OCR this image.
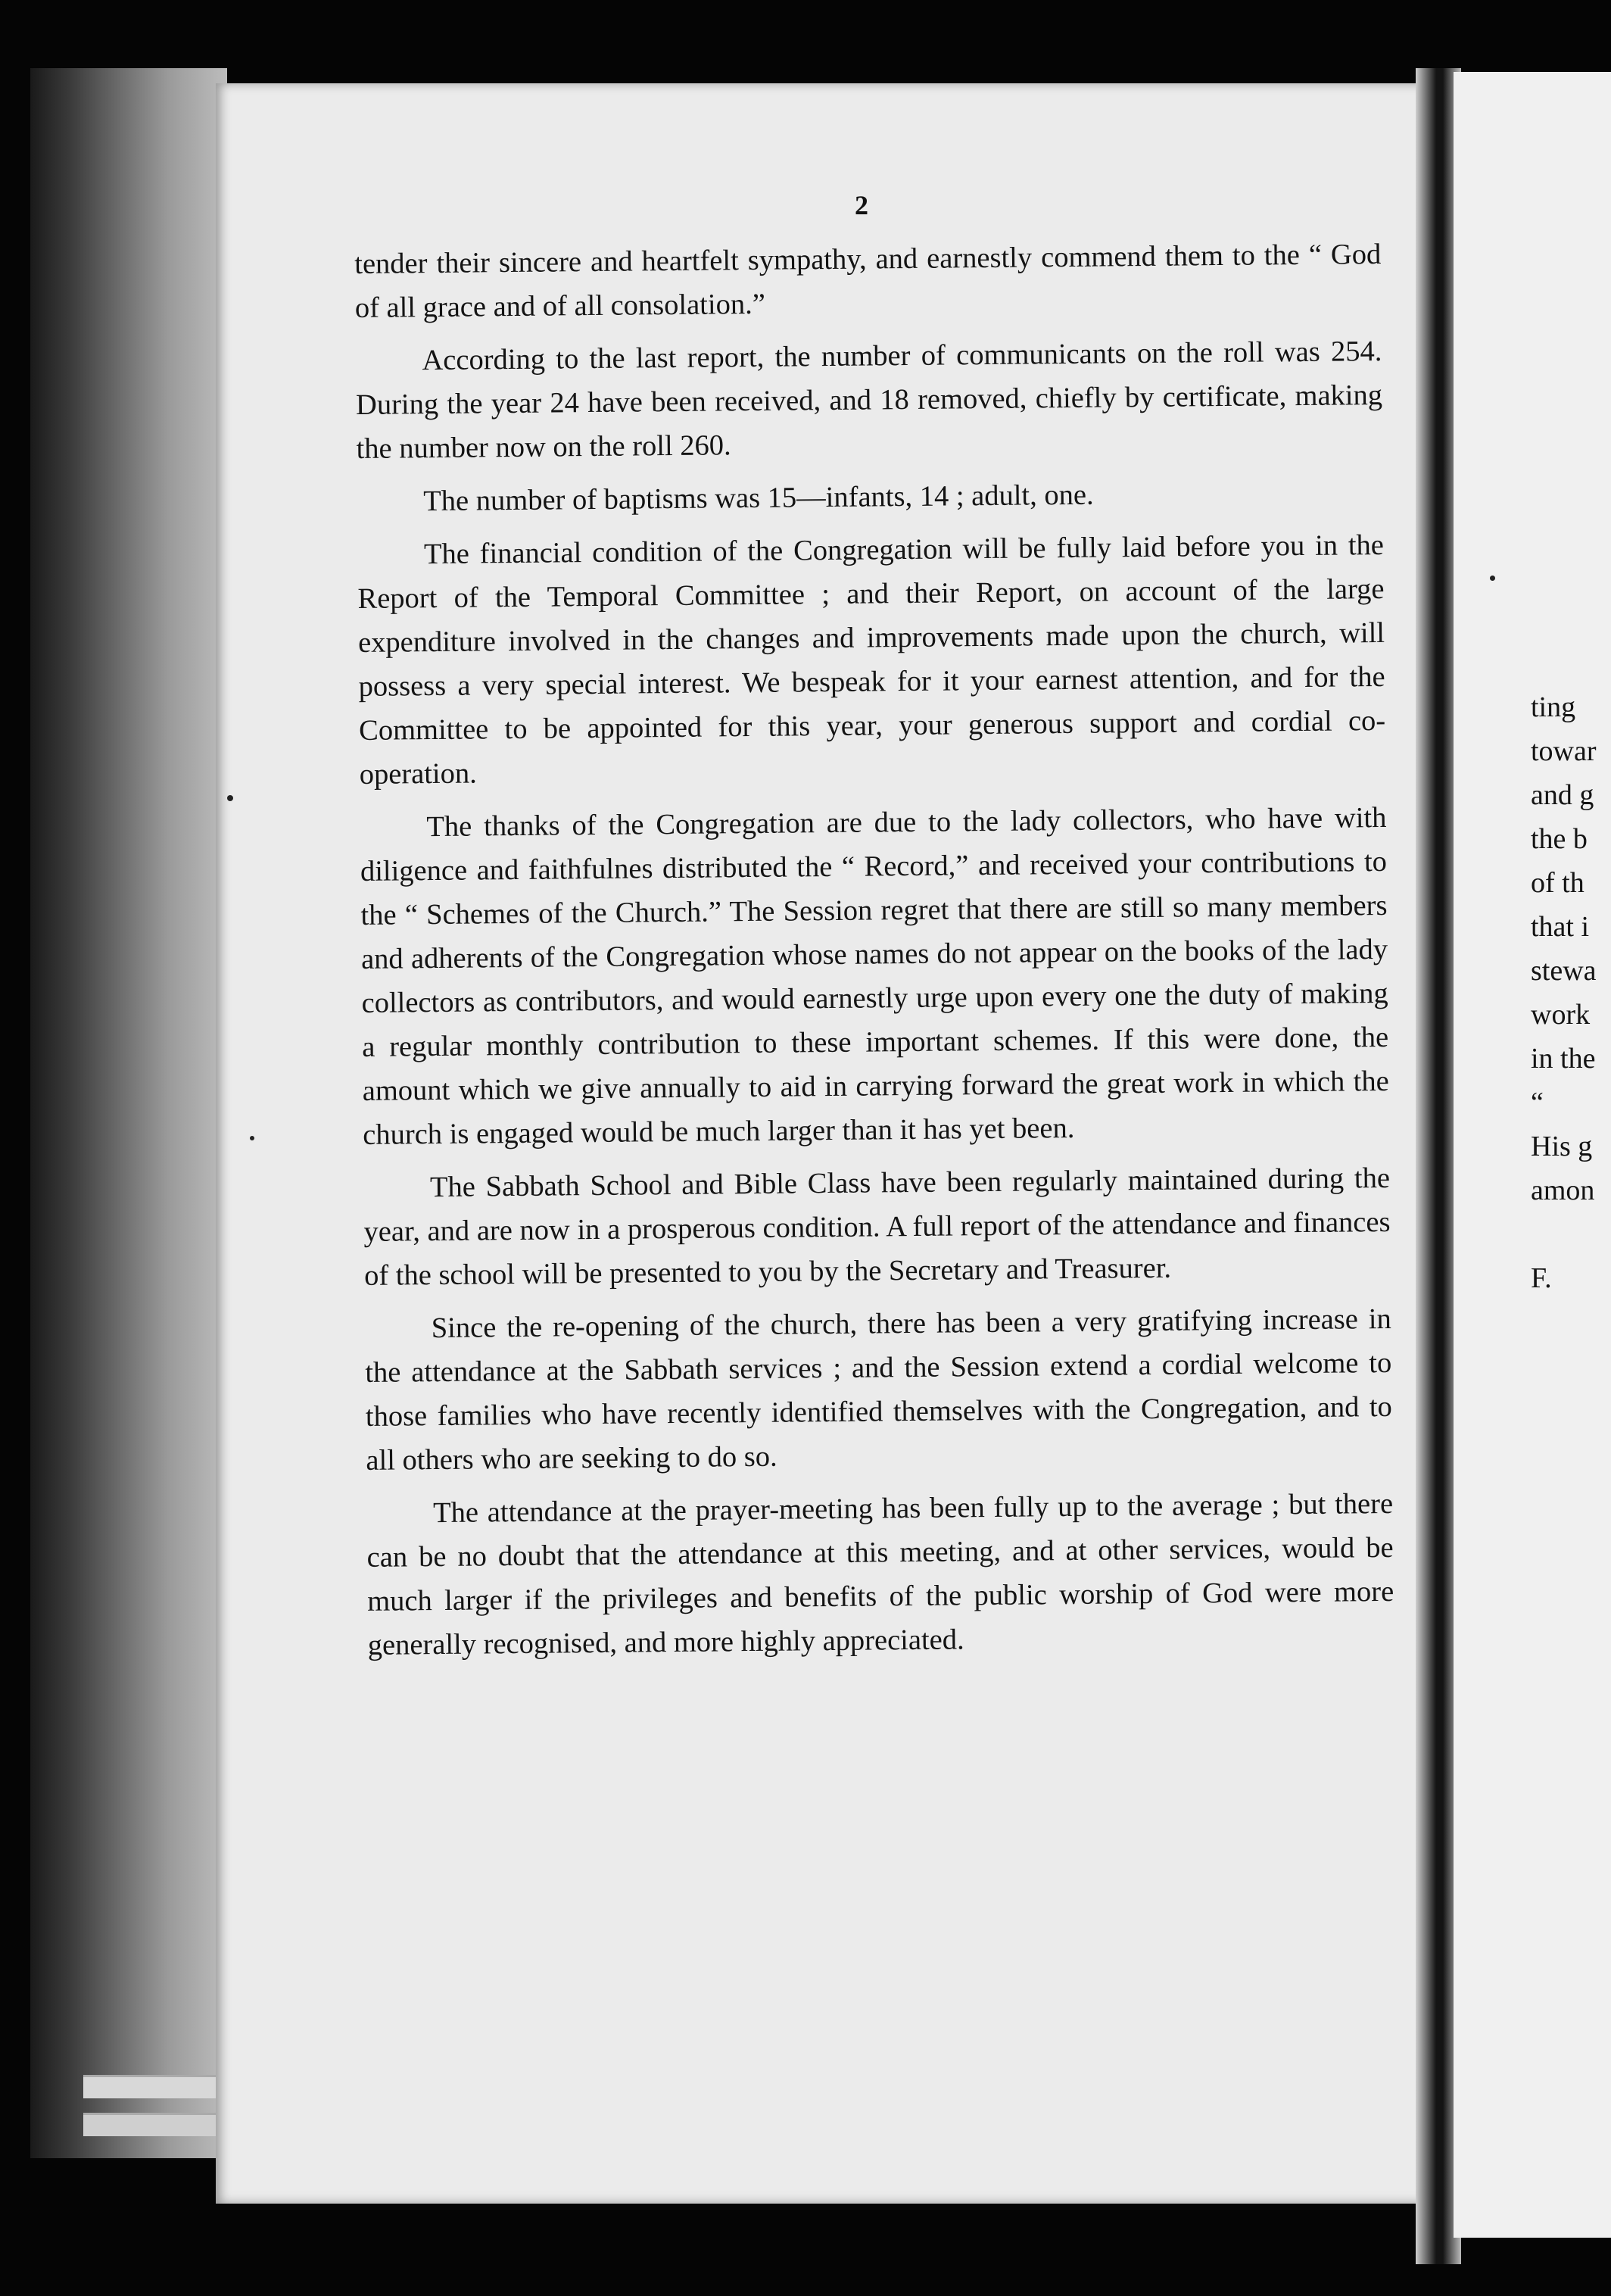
2

tender their sincere and heartfelt sympathy, and earnestly commend them to the “ God of all grace and of all consolation.”

According to the last report, the number of communicants on the roll was 254. During the year 24 have been received, and 18 removed, chiefly by certificate, making the number now on the roll 260.

The number of baptisms was 15—infants, 14 ; adult, one.

The financial condition of the Congregation will be fully laid before you in the Report of the Temporal Committee ; and their Report, on account of the large expenditure involved in the changes and improvements made upon the church, will possess a very special interest. We bespeak for it your earnest attention, and for the Committee to be appointed for this year, your generous support and cordial co-operation.

The thanks of the Congregation are due to the lady collectors, who have with diligence and faithfulnes distributed the “ Record,” and received your contributions to the “ Schemes of the Church.” The Session regret that there are still so many members and adherents of the Congregation whose names do not appear on the books of the lady collectors as contributors, and would earnestly urge upon every one the duty of making a regular monthly contribution to these important schemes. If this were done, the amount which we give annually to aid in carrying forward the great work in which the church is engaged would be much larger than it has yet been.

The Sabbath School and Bible Class have been regularly maintained during the year, and are now in a prosperous condition. A full report of the attendance and finances of the school will be presented to you by the Secretary and Treasurer.

Since the re-opening of the church, there has been a very gratifying increase in the attendance at the Sabbath services ; and the Session extend a cordial welcome to those families who have recently identified themselves with the Congregation, and to all others who are seeking to do so.

The attendance at the prayer-meeting has been fully up to the average ; but there can be no doubt that the attendance at this meeting, and at other services, would be much larger if the privileges and benefits of the public worship of God were more generally recognised, and more highly appreciated.

ting
towar
and g
the b
of th
that i
stewa
work
in the
“
His g
amon
F.
